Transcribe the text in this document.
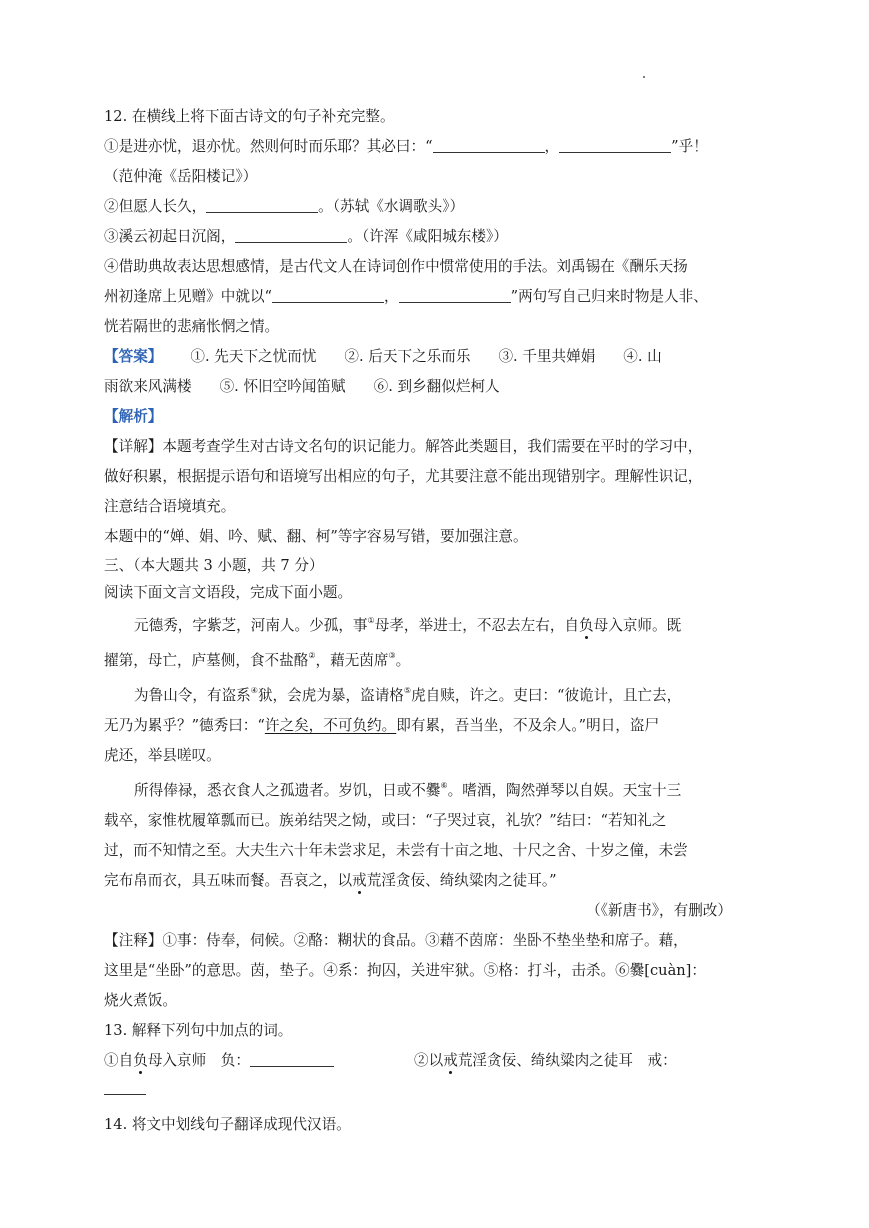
12. 在横线上将下面古诗文的句子补充完整。
①是进亦忧，退亦忧。然则何时而乐耶？其必曰：“	，	”乎！
（范仲淹《岳阳楼记》）
②但愿人长久，	。（苏轼《水调歌头》）
③溪云初起日沉阁，	。（许浑《咸阳城东楼》）
④借助典故表达思想感情，是古代文人在诗词创作中惯常使用的手法。刘禹锡在《酬乐天扬
州初逢席上见赠》中就以“	，	”两句写自己归来时物是人非、
恍若隔世的悲痛怅惘之情。
【答案】 ①. 先天下之忧而忧 ②. 后天下之乐而乐 ③. 千里共婵娟 ④. 山
雨欲来风满楼 ⑤. 怀旧空吟闻笛赋 ⑥. 到乡翻似烂柯人
【解析】
【详解】本题考查学生对古诗文名句的识记能力。解答此类题目，我们需要在平时的学习中，
做好积累，根据提示语句和语境写出相应的句子，尤其要注意不能出现错别字。理解性识记，
注意结合语境填充。
本题中的“婵、娟、吟、赋、翻、柯”等字容易写错，要加强注意。
三、（本大题共 3 小题，共 7 分）
阅读下面文言文语段，完成下面小题。
元德秀，字紫芝，河南人。少孤，事①母孝，举进士，不忍去左右，自负母入京师。既
擢第，母亡，庐墓侧，食不盐酪②，藉无茵席③。
为鲁山令，有盗系④狱，会虎为暴，盗请格⑤虎自赎，许之。吏曰：“彼诡计，且亡去，
无乃为累乎？”德秀曰：“许之矣，不可负约。即有累，吾当坐，不及余人。”明日，盗尸
虎还，举县嗟叹。
所得俸禄，悉衣食人之孤遗者。岁饥，日或不爨⑥。嗜酒，陶然弹琴以自娱。天宝十三
载卒，家惟枕履箪瓢而已。族弟结哭之恸，或曰：“子哭过哀，礼欤？”结曰：“若知礼之
过，而不知情之至。大夫生六十年未尝求足，未尝有十亩之地、十尺之舍、十岁之僮，未尝
完布帛而衣，具五味而餐。吾哀之，以戒荒淫贪佞、绮纨粱肉之徒耳。”
（《新唐书》，有删改）
【注释】①事：侍奉，伺候。②酪：糊状的食品。③藉不茵席：坐卧不垫坐垫和席子。藉，
这里是“坐卧”的意思。茵，垫子。④系：拘囚，关进牢狱。⑤格：打斗，击杀。⑥爨[cuàn]：
烧火煮饭。
13. 解释下列句中加点的词。
①自负母入京师　负：	②以戒荒淫贪佞、绮纨粱肉之徒耳　戒：
14. 将文中划线句子翻译成现代汉语。
